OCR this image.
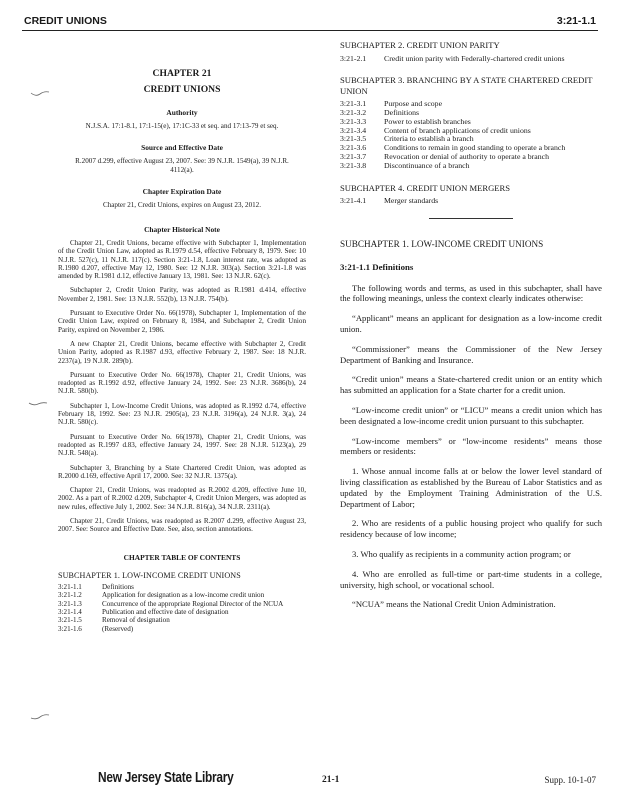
CREDIT UNIONS	3:21-1.1
CHAPTER 21
CREDIT UNIONS
Authority
N.J.S.A. 17:1-8.1, 17:1-15(e), 17:1C-33 et seq. and 17:13-79 et seq.
Source and Effective Date
R.2007 d.299, effective August 23, 2007. See: 39 N.J.R. 1549(a), 39 N.J.R. 4112(a).
Chapter Expiration Date
Chapter 21, Credit Unions, expires on August 23, 2012.
Chapter Historical Note

Chapter 21, Credit Unions, became effective with Subchapter 1, Implementation of the Credit Union Law, adopted as R.1979 d.54, effective February 8, 1979. See: 10 N.J.R. 527(c), 11 N.J.R. 117(c). Section 3:21-1.8, Loan interest rate, was adopted as R.1980 d.207, effective May 12, 1980. See: 12 N.J.R. 303(a). Section 3:21-1.8 was amended by R.1981 d.12, effective January 13, 1981. See: 13 N.J.R. 62(c).

Subchapter 2, Credit Union Parity, was adopted as R.1981 d.414, effective November 2, 1981. See: 13 N.J.R. 552(b), 13 N.J.R. 754(b).

Pursuant to Executive Order No. 66(1978), Subchapter 1, Implementation of the Credit Union Law, expired on February 8, 1984, and Subchapter 2, Credit Union Parity, expired on November 2, 1986.

A new Chapter 21, Credit Unions, became effective with Subchapter 2, Credit Union Parity, adopted as R.1987 d.93, effective February 2, 1987. See: 18 N.J.R. 2237(a), 19 N.J.R. 289(b).

Pursuant to Executive Order No. 66(1978), Chapter 21, Credit Unions, was readopted as R.1992 d.92, effective January 24, 1992. See: 23 N.J.R. 3686(b), 24 N.J.R. 580(b).

Subchapter 1, Low-Income Credit Unions, was adopted as R.1992 d.74, effective February 18, 1992. See: 23 N.J.R. 2905(a), 23 N.J.R. 3196(a), 24 N.J.R. 3(a), 24 N.J.R. 580(c).

Pursuant to Executive Order No. 66(1978), Chapter 21, Credit Unions, was readopted as R.1997 d.83, effective January 24, 1997. See: 28 N.J.R. 5123(a), 29 N.J.R. 548(a).

Subchapter 3, Branching by a State Chartered Credit Union, was adopted as R.2000 d.169, effective April 17, 2000. See: 32 N.J.R. 1375(a).

Chapter 21, Credit Unions, was readopted as R.2002 d.209, effective June 10, 2002. As a part of R.2002 d.209, Subchapter 4, Credit Union Mergers, was adopted as new rules, effective July 1, 2002. See: 34 N.J.R. 816(a), 34 N.J.R. 2311(a).

Chapter 21, Credit Unions, was readopted as R.2007 d.299, effective August 23, 2007. See: Source and Effective Date. See, also, section annotations.

CHAPTER TABLE OF CONTENTS
SUBCHAPTER 1. LOW-INCOME CREDIT UNIONS
3:21-1.1	Definitions
3:21-1.2	Application for designation as a low-income credit union
3:21-1.3	Concurrence of the appropriate Regional Director of the NCUA
3:21-1.4	Publication and effective date of designation
3:21-1.5	Removal of designation
3:21-1.6	(Reserved)
SUBCHAPTER 2. CREDIT UNION PARITY
3:21-2.1	Credit union parity with Federally-chartered credit unions
SUBCHAPTER 3. BRANCHING BY A STATE CHARTERED CREDIT UNION
3:21-3.1	Purpose and scope
3:21-3.2	Definitions
3:21-3.3	Power to establish branches
3:21-3.4	Content of branch applications of credit unions
3:21-3.5	Criteria to establish a branch
3:21-3.6	Conditions to remain in good standing to operate a branch
3:21-3.7	Revocation or denial of authority to operate a branch
3:21-3.8	Discontinuance of a branch
SUBCHAPTER 4. CREDIT UNION MERGERS
3:21-4.1	Merger standards
SUBCHAPTER 1. LOW-INCOME CREDIT UNIONS
3:21-1.1 Definitions

The following words and terms, as used in this subchapter, shall have the following meanings, unless the context clearly indicates otherwise:

“Applicant” means an applicant for designation as a low-income credit union.

“Commissioner” means the Commissioner of the New Jersey Department of Banking and Insurance.

“Credit union” means a State-chartered credit union or an entity which has submitted an application for a State charter for a credit union.

“Low-income credit union” or “LICU” means a credit union which has been designated a low-income credit union pursuant to this subchapter.

“Low-income members” or “low-income residents” means those members or residents:

1. Whose annual income falls at or below the lower level standard of living classification as established by the Bureau of Labor Statistics and as updated by the Employment Training Administration of the U.S. Department of Labor;

2. Who are residents of a public housing project who qualify for such residency because of low income;

3. Who qualify as recipients in a community action program; or

4. Who are enrolled as full-time or part-time students in a college, university, high school, or vocational school.

“NCUA” means the National Credit Union Administration.

New Jersey State Library	21-1	Supp. 10-1-07
